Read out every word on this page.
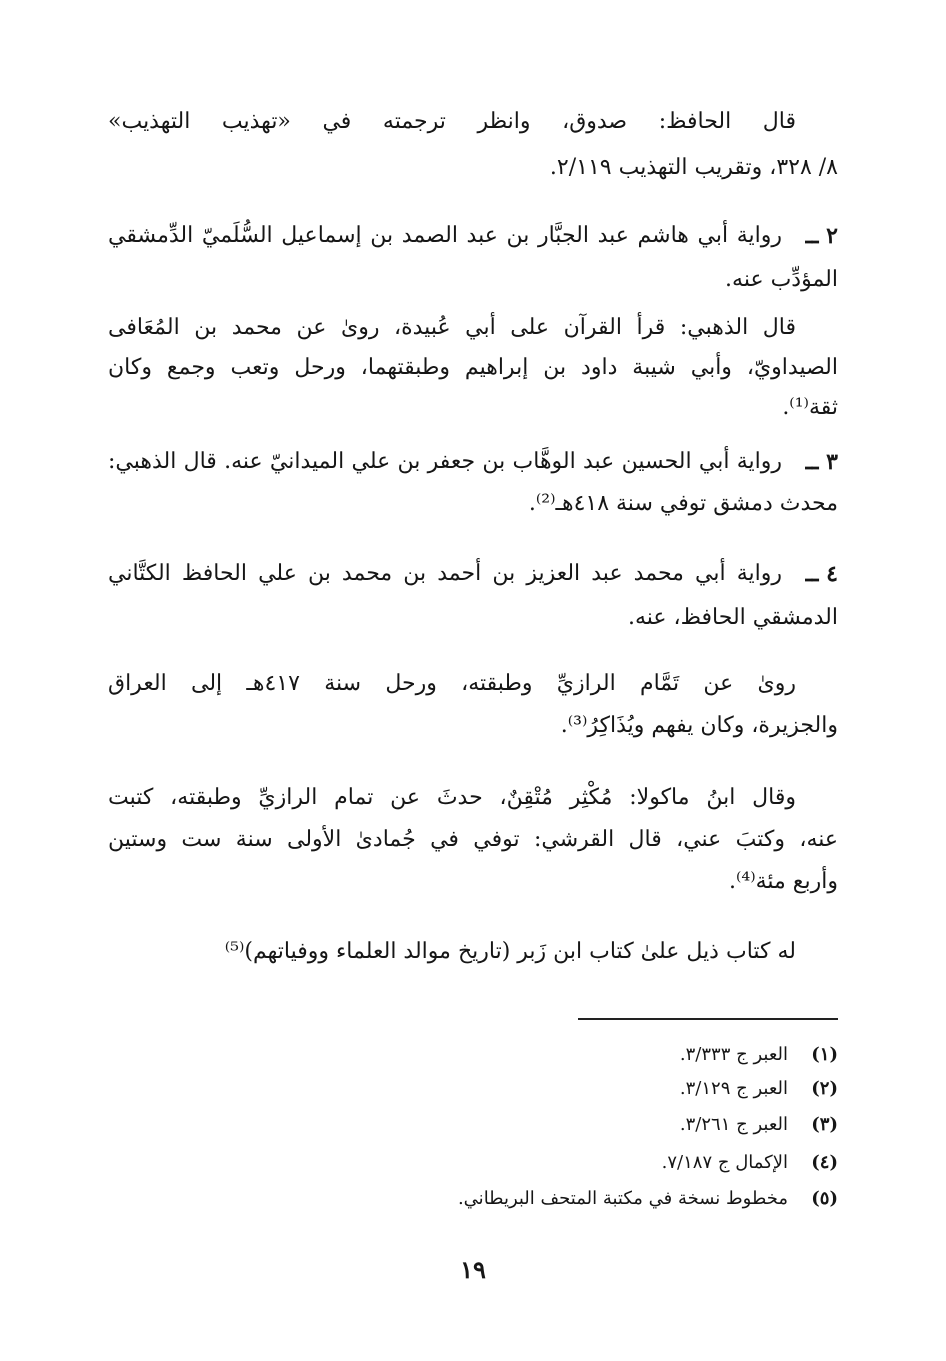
قال الحافظ: صدوق، وانظر ترجمته في «تهذيب التهذيب»
٨/ ٣٢٨، وتقريب التهذيب ٢/١١٩.
٢ ــ
رواية أبي هاشم عبد الجبَّار بن عبد الصمد بن إسماعيل السُّلَميّ الدِّمشقي
المؤدِّب عنه.
قال الذهبي: قرأ القرآن على أبي عُبيدة، روىٰ عن محمد بن المُعَافى
الصيداويّ، وأبي شيبة داود بن إبراهيم وطبقتهما، ورحل وتعب وجمع وكان
ثقة⁽¹⁾.
٣ ــ
رواية أبي الحسين عبد الوهَّاب بن جعفر بن علي الميدانيّ عنه. قال الذهبي:
محدث دمشق توفي سنة ٤١٨هـ⁽²⁾.
٤ ــ
رواية أبي محمد عبد العزيز بن أحمد بن محمد بن علي الحافظ الكتَّاني
الدمشقي الحافظ، عنه.
روىٰ عن تَمَّام الرازيِّ وطبقته، ورحل سنة ٤١٧هـ إلى العراق
والجزيرة، وكان يفهم ويُذَاكِرُ⁽³⁾.
وقال ابنُ ماكولا: مُكْثِر مُتْقِنٌ، حدثَ عن تمام الرازيِّ وطبقته، كتبت
عنه، وكتبَ عني، قال القرشي: توفي في جُمادىٰ الأولى سنة ست وستين
وأربع مئة⁽⁴⁾.
له كتاب ذيل علىٰ كتاب ابن زَبر (تاريخ موالد العلماء ووفياتهم)⁽⁵⁾
(١)العبر ج ٣/٣٣٣.
(٢)العبر ج ٣/١٢٩.
(٣)العبر ج ٣/٢٦١.
(٤)الإكمال ج ٧/١٨٧.
(٥)مخطوط نسخة في مكتبة المتحف البريطاني.
١٩
